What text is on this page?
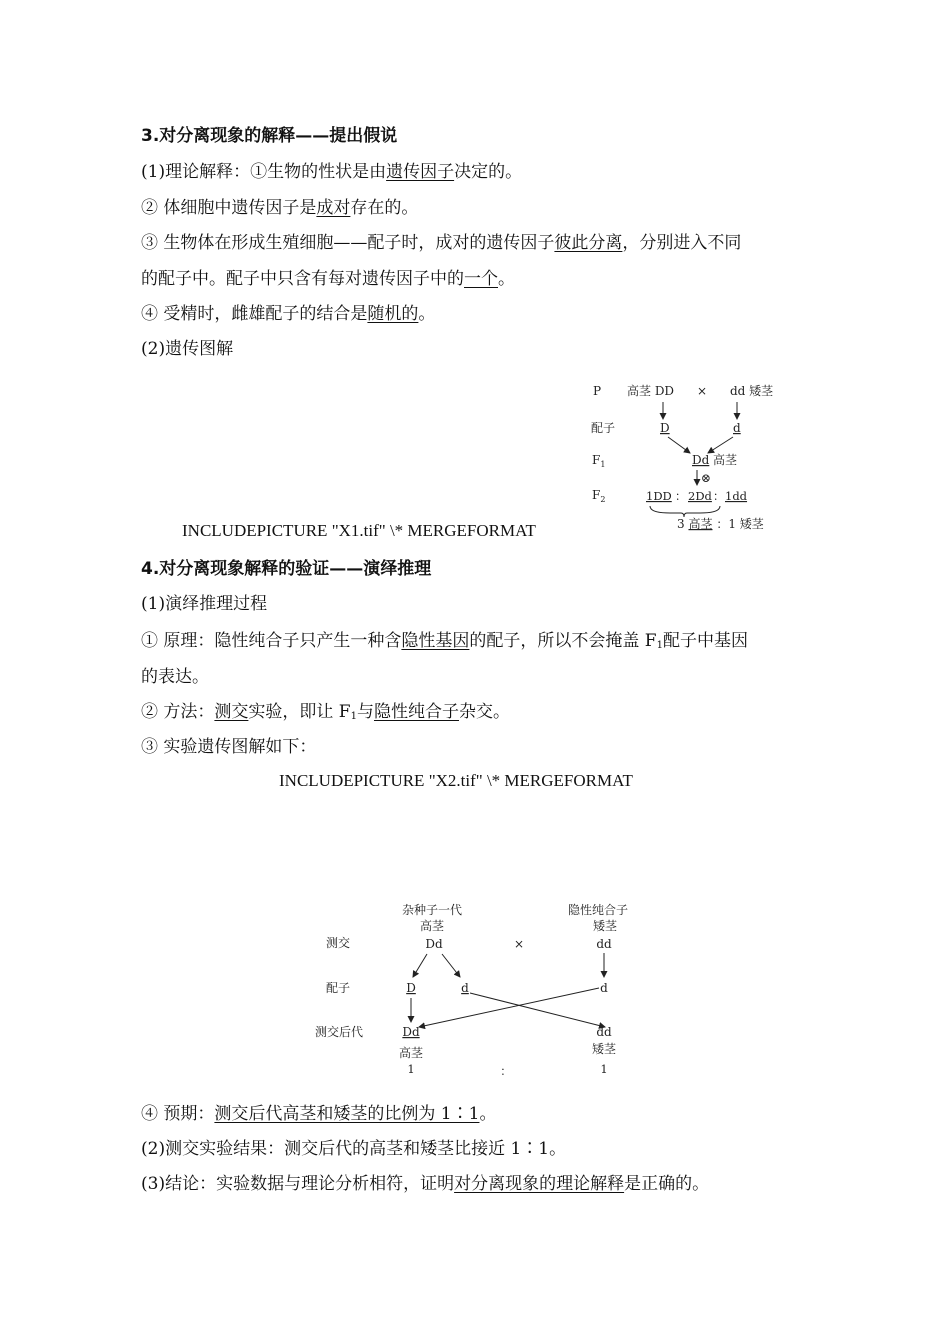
3.对分离现象的解释——提出假说
(1)理论解释：①生物的性状是由遗传因子决定的。
② 体细胞中遗传因子是成对存在的。
③ 生物体在形成生殖细胞——配子时，成对的遗传因子彼此分离，分别进入不同
的配子中。配子中只含有每对遗传因子中的一个。
④ 受精时，雌雄配子的结合是随机的。
(2)遗传图解
P 高茎 DD × dd 矮茎
配子	D	d
$F_1$	Dd 高茎
⊗
$F_2$	1DD ： 2Dd ： 1dd
3 高茎 ：1 矮茎
INCLUDEPICTURE "X1.tif" \* MERGEFORMAT
4.对分离现象解释的验证——演绎推理
(1)演绎推理过程
① 原理：隐性纯合子只产生一种含隐性基因的配子，所以不会掩盖 $F_1$配子中基因
的表达。
② 方法：测交实验，即让 $F_1$与隐性纯合子杂交。
③ 实验遗传图解如下：
INCLUDEPICTURE "X2.tif" \* MERGEFORMAT
杂种子一代
高茎
隐性纯合子
矮茎
测交	Dd	×	dd
配子	D	d	d
测交后代	Dd	dd
高茎	矮茎
1	：	1
④ 预期：测交后代高茎和矮茎的比例为 1∶1。
(2)测交实验结果：测交后代的高茎和矮茎比接近 1∶1。
(3)结论：实验数据与理论分析相符，证明对分离现象的理论解释是正确的。
